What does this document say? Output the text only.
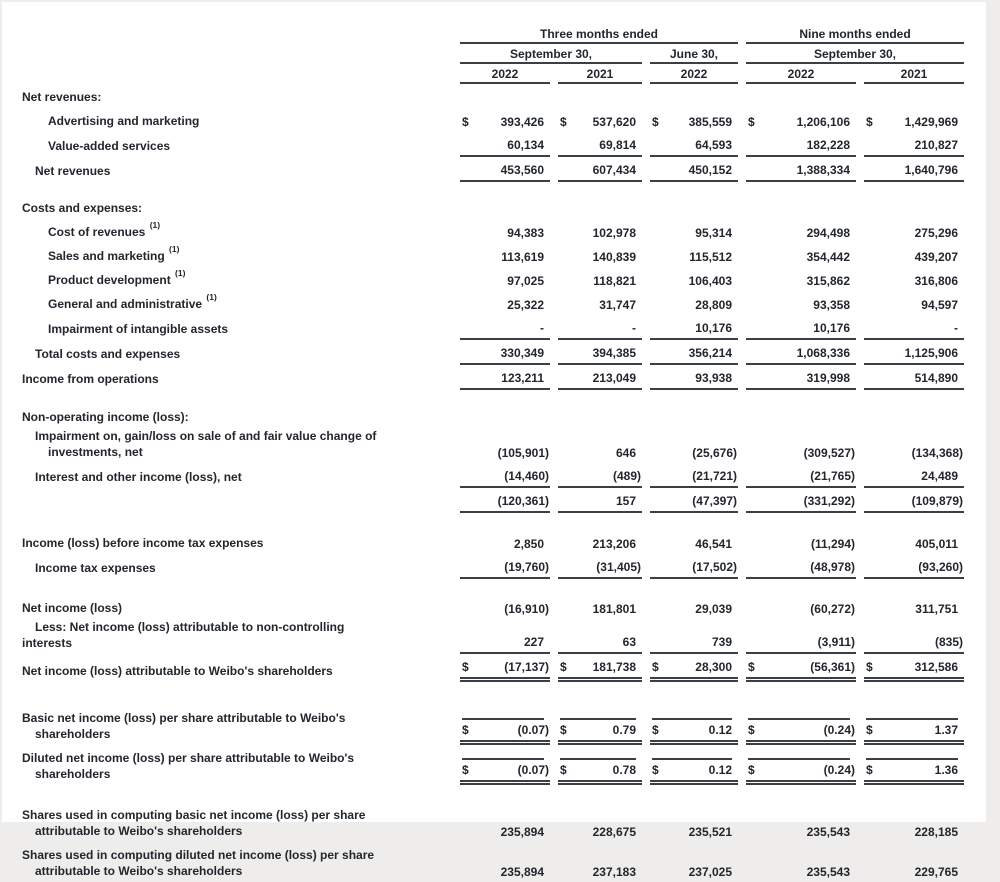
	Three months ended			Nine months ended	
	September 30,		June 30,	September 30,	
	2022	2021	2022	2022	2021

Net revenues:					

Advertising and marketing	$ 393,426	$ 537,620	$ 385,559	$ 1,206,106	$ 1,429,969

Value-added services	60,134	69,814	64,593	182,228	210,827

Net revenues	453,560	607,434	450,152	1,388,334	1,640,796

Costs and expenses:					

Cost of revenues $^{(1)}$	94,383	102,978	95,314	294,498	275,296

Sales and marketing $^{(1)}$	113,619	140,839	115,512	354,442	439,207

Product development $^{(1)}$	97,025	118,821	106,403	315,862	316,806

General and administrative $^{(1)}$	25,322	31,747	28,809	93,358	94,597

Impairment of intangible assets	-	-	10,176	10,176	-

Total costs and expenses	330,349	394,385	356,214	1,068,336	1,125,906

Income from operations	123,211	213,049	93,938	319,998	514,890

Non-operating income (loss):					

Impairment on, gain/loss on sale of and fair value change of
investments, net	(105,901)	646	(25,676)	(309,527)	(134,368)

Interest and other income (loss), net	(14,460)	(489)	(21,721)	(21,765)	24,489

	(120,361)	157	(47,397)	(331,292)	(109,879)

Income (loss) before income tax expenses	2,850	213,206	46,541	(11,294)	405,011

Income tax expenses	(19,760)	(31,405)	(17,502)	(48,978)	(93,260)

Net income (loss)	(16,910)	181,801	29,039	(60,272)	311,751

Less: Net income (loss) attributable to non-controlling
interests	227	63	739	(3,911)	(835)

Net income (loss) attributable to Weibo's shareholders	$ (17,137)	$ 181,738	$ 28,300	$ (56,361)	$ 312,586

Basic net income (loss) per share attributable to Weibo's
shareholders	$	(0.07)	$	0.79	$	0.12	$	(0.24)	$	1.37

Diluted net income (loss) per share attributable to Weibo's
shareholders	$	(0.07)	$	0.78	$	0.12	$	(0.24)	$	1.36

Shares used in computing basic net income (loss) per share
attributable to Weibo's shareholders	235,894	228,675	235,521	235,543	228,185

Shares used in computing diluted net income (loss) per share
attributable to Weibo's shareholders	235,894	237,183	237,025	235,543	229,765
